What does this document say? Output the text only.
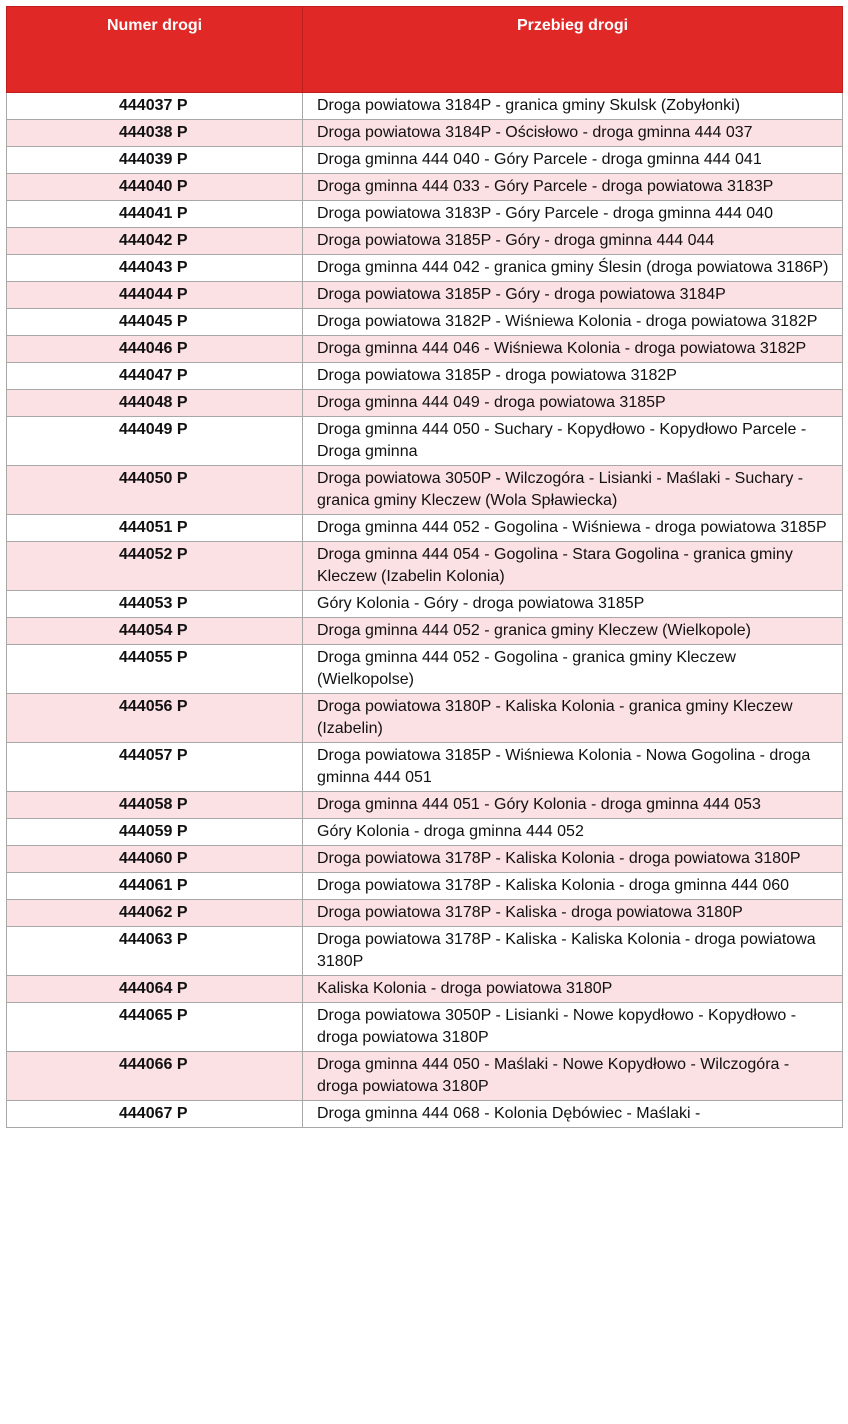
Numer drogi	Przebieg drogi
444037 P	Droga powiatowa 3184P - granica gminy Skulsk (Zobyłonki)
444038 P	Droga powiatowa 3184P - Ościsłowo - droga gminna 444 037
444039 P	Droga gminna 444 040 - Góry Parcele - droga gminna 444 041
444040 P	Droga gminna 444 033 - Góry Parcele - droga powiatowa 3183P
444041 P	Droga powiatowa 3183P - Góry Parcele - droga gminna 444 040
444042 P	Droga powiatowa 3185P - Góry - droga gminna 444 044
444043 P	Droga gminna 444 042 - granica gminy Ślesin (droga powiatowa 3186P)
444044 P	Droga powiatowa 3185P - Góry - droga powiatowa 3184P
444045 P	Droga powiatowa 3182P - Wiśniewa Kolonia - droga powiatowa 3182P
444046 P	Droga gminna 444 046 - Wiśniewa Kolonia - droga powiatowa 3182P
444047 P	Droga powiatowa 3185P - droga powiatowa 3182P
444048 P	Droga gminna 444 049 - droga powiatowa 3185P
444049 P	Droga gminna 444 050 - Suchary - Kopydłowo - Kopydłowo Parcele - Droga gminna
444050 P	Droga powiatowa 3050P - Wilczogóra - Lisianki - Maślaki - Suchary - granica gminy Kleczew (Wola Spławiecka)
444051 P	Droga gminna 444 052 - Gogolina - Wiśniewa - droga powiatowa 3185P
444052 P	Droga gminna 444 054 - Gogolina - Stara Gogolina - granica gminy Kleczew (Izabelin Kolonia)
444053 P	Góry Kolonia - Góry - droga powiatowa 3185P
444054 P	Droga gminna 444 052 - granica gminy Kleczew (Wielkopole)
444055 P	Droga gminna 444 052 - Gogolina - granica gminy Kleczew (Wielkopolse)
444056 P	Droga powiatowa 3180P - Kaliska Kolonia - granica gminy Kleczew (Izabelin)
444057 P	Droga powiatowa 3185P - Wiśniewa Kolonia - Nowa Gogolina - droga gminna 444 051
444058 P	Droga gminna 444 051 - Góry Kolonia - droga gminna 444 053
444059 P	Góry Kolonia - droga gminna 444 052
444060 P	Droga powiatowa 3178P - Kaliska Kolonia - droga powiatowa 3180P
444061 P	Droga powiatowa 3178P - Kaliska Kolonia - droga gminna 444 060
444062 P	Droga powiatowa 3178P - Kaliska - droga powiatowa 3180P
444063 P	Droga powiatowa 3178P - Kaliska - Kaliska Kolonia - droga powiatowa 3180P
444064 P	Kaliska Kolonia - droga powiatowa 3180P
444065 P	Droga powiatowa 3050P - Lisianki - Nowe kopydłowo - Kopydłowo - droga powiatowa 3180P
444066 P	Droga gminna 444 050 - Maślaki - Nowe Kopydłowo - Wilczogóra - droga powiatowa 3180P
444067 P	Droga gminna 444 068 - Kolonia Dębówiec - Maślaki -
